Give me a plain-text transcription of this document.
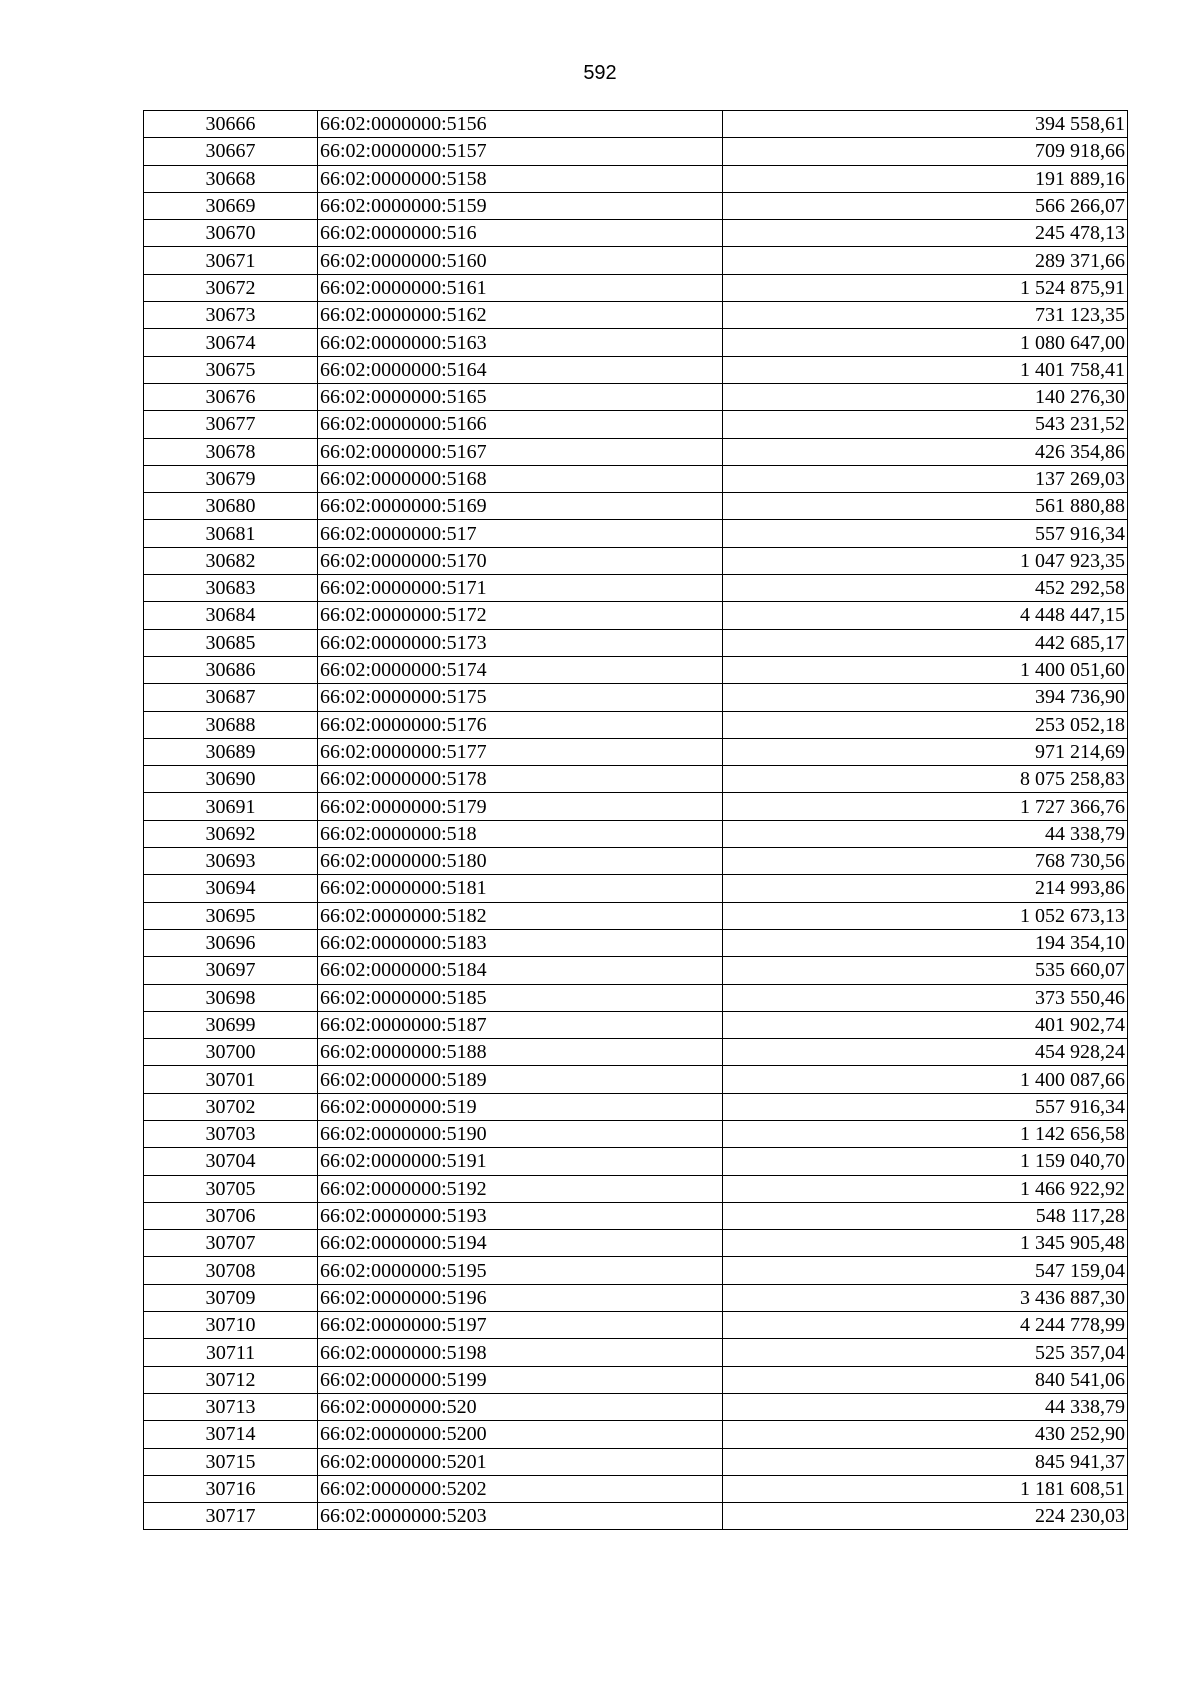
592
30666	66:02:0000000:5156	394 558,61
30667	66:02:0000000:5157	709 918,66
30668	66:02:0000000:5158	191 889,16
30669	66:02:0000000:5159	566 266,07
30670	66:02:0000000:516	245 478,13
30671	66:02:0000000:5160	289 371,66
30672	66:02:0000000:5161	1 524 875,91
30673	66:02:0000000:5162	731 123,35
30674	66:02:0000000:5163	1 080 647,00
30675	66:02:0000000:5164	1 401 758,41
30676	66:02:0000000:5165	140 276,30
30677	66:02:0000000:5166	543 231,52
30678	66:02:0000000:5167	426 354,86
30679	66:02:0000000:5168	137 269,03
30680	66:02:0000000:5169	561 880,88
30681	66:02:0000000:517	557 916,34
30682	66:02:0000000:5170	1 047 923,35
30683	66:02:0000000:5171	452 292,58
30684	66:02:0000000:5172	4 448 447,15
30685	66:02:0000000:5173	442 685,17
30686	66:02:0000000:5174	1 400 051,60
30687	66:02:0000000:5175	394 736,90
30688	66:02:0000000:5176	253 052,18
30689	66:02:0000000:5177	971 214,69
30690	66:02:0000000:5178	8 075 258,83
30691	66:02:0000000:5179	1 727 366,76
30692	66:02:0000000:518	44 338,79
30693	66:02:0000000:5180	768 730,56
30694	66:02:0000000:5181	214 993,86
30695	66:02:0000000:5182	1 052 673,13
30696	66:02:0000000:5183	194 354,10
30697	66:02:0000000:5184	535 660,07
30698	66:02:0000000:5185	373 550,46
30699	66:02:0000000:5187	401 902,74
30700	66:02:0000000:5188	454 928,24
30701	66:02:0000000:5189	1 400 087,66
30702	66:02:0000000:519	557 916,34
30703	66:02:0000000:5190	1 142 656,58
30704	66:02:0000000:5191	1 159 040,70
30705	66:02:0000000:5192	1 466 922,92
30706	66:02:0000000:5193	548 117,28
30707	66:02:0000000:5194	1 345 905,48
30708	66:02:0000000:5195	547 159,04
30709	66:02:0000000:5196	3 436 887,30
30710	66:02:0000000:5197	4 244 778,99
30711	66:02:0000000:5198	525 357,04
30712	66:02:0000000:5199	840 541,06
30713	66:02:0000000:520	44 338,79
30714	66:02:0000000:5200	430 252,90
30715	66:02:0000000:5201	845 941,37
30716	66:02:0000000:5202	1 181 608,51
30717	66:02:0000000:5203	224 230,03
